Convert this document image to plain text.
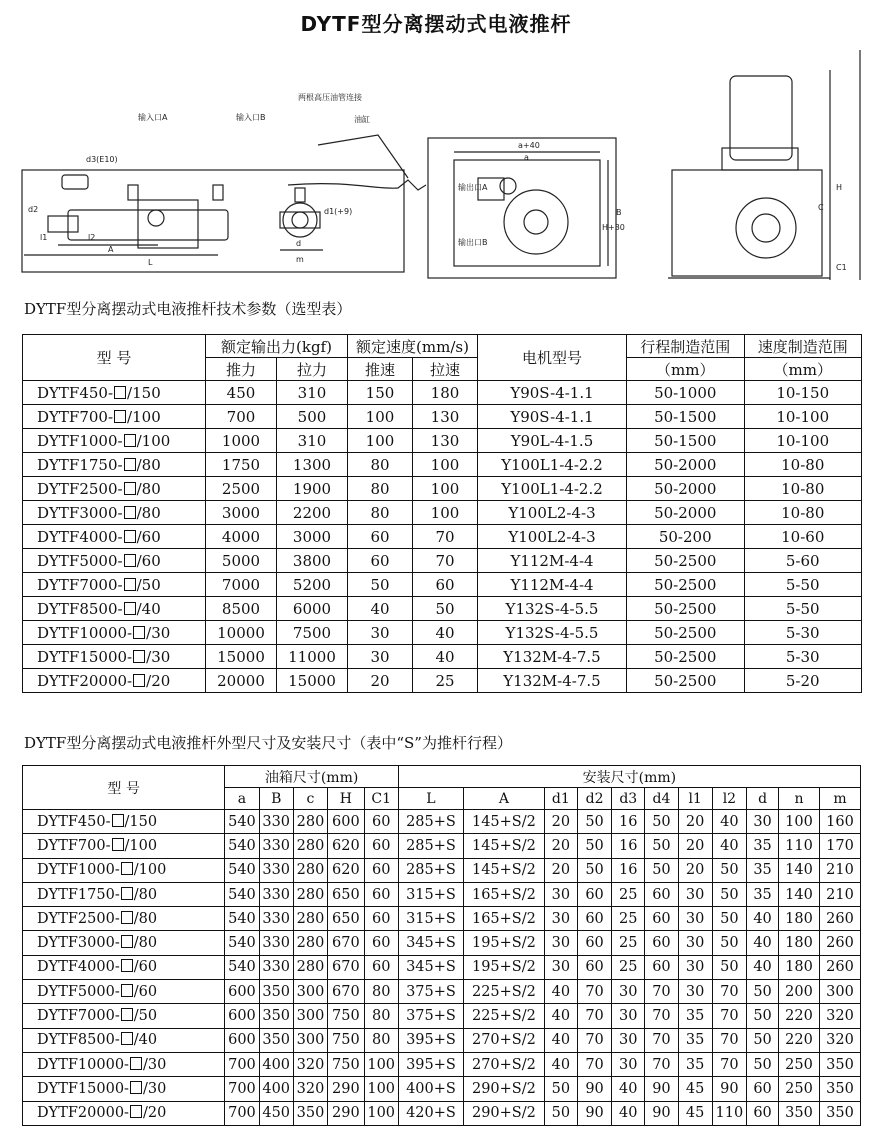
DYTF型分离摆动式电液推杆
两根高压油管连接
输入口A	输入口B	油缸
d3(E10)
d2
l1	l2
A
L
d1(+9)
d
m
a+40
a
输出口A
输出口B
H+30
B
C
H
C1
DYTF型分离摆动式电液推杆技术参数（选型表）
型 号	额定输出力(kgf)		额定速度(mm/s)		电机型号	行程制造范围	速度制造范围
	推力	拉力	推速	拉速		（mm）	（mm）
DYTF450- /150	450	310	150	180	Y90S-4-1.1	50-1000	10-150
DYTF700- /100	700	500	100	130	Y90S-4-1.1	50-1500	10-100
DYTF1000- /100	1000	310	100	130	Y90L-4-1.5	50-1500	10-100
DYTF1750- /80	1750	1300	80	100	Y100L1-4-2.2	50-2000	10-80
DYTF2500- /80	2500	1900	80	100	Y100L1-4-2.2	50-2000	10-80
DYTF3000- /80	3000	2200	80	100	Y100L2-4-3	50-2000	10-80
DYTF4000- /60	4000	3000	60	70	Y100L2-4-3	50-200	10-60
DYTF5000- /60	5000	3800	60	70	Y112M-4-4	50-2500	5-60
DYTF7000- /50	7000	5200	50	60	Y112M-4-4	50-2500	5-50
DYTF8500- /40	8500	6000	40	50	Y132S-4-5.5	50-2500	5-50
DYTF10000- /30	10000	7500	30	40	Y132S-4-5.5	50-2500	5-30
DYTF15000- /30	15000	11000	30	40	Y132M-4-7.5	50-2500	5-30
DYTF20000- /20	20000	15000	20	25	Y132M-4-7.5	50-2500	5-20
DYTF型分离摆动式电液推杆外型尺寸及安装尺寸（表中“S”为推杆行程）
型 号	油箱尺寸(mm)					安装尺寸(mm)										
	a	B	c	H	C1	L	A	d1	d2	d3	d4	l1	l2	d	n	m
DYTF450- /150	540	330	280	600	60	285+S	145+S/2	20	50	16	50	20	40	30	100	160
DYTF700- /100	540	330	280	620	60	285+S	145+S/2	20	50	16	50	20	40	35	110	170
DYTF1000- /100	540	330	280	620	60	285+S	145+S/2	20	50	16	50	20	50	35	140	210
DYTF1750- /80	540	330	280	650	60	315+S	165+S/2	30	60	25	60	30	50	35	140	210
DYTF2500- /80	540	330	280	650	60	315+S	165+S/2	30	60	25	60	30	50	40	180	260
DYTF3000- /80	540	330	280	670	60	345+S	195+S/2	30	60	25	60	30	50	40	180	260
DYTF4000- /60	540	330	280	670	60	345+S	195+S/2	30	60	25	60	30	50	40	180	260
DYTF5000- /60	600	350	300	670	80	375+S	225+S/2	40	70	30	70	30	70	50	200	300
DYTF7000- /50	600	350	300	750	80	375+S	225+S/2	40	70	30	70	35	70	50	220	320
DYTF8500- /40	600	350	300	750	80	395+S	270+S/2	40	70	30	70	35	70	50	220	320
DYTF10000- /30	700	400	320	750	100	395+S	270+S/2	40	70	30	70	35	70	50	250	350
DYTF15000- /30	700	400	320	290	100	400+S	290+S/2	50	90	40	90	45	90	60	250	350
DYTF20000- /20	700	450	350	290	100	420+S	290+S/2	50	90	40	90	45	110	60	350	350
